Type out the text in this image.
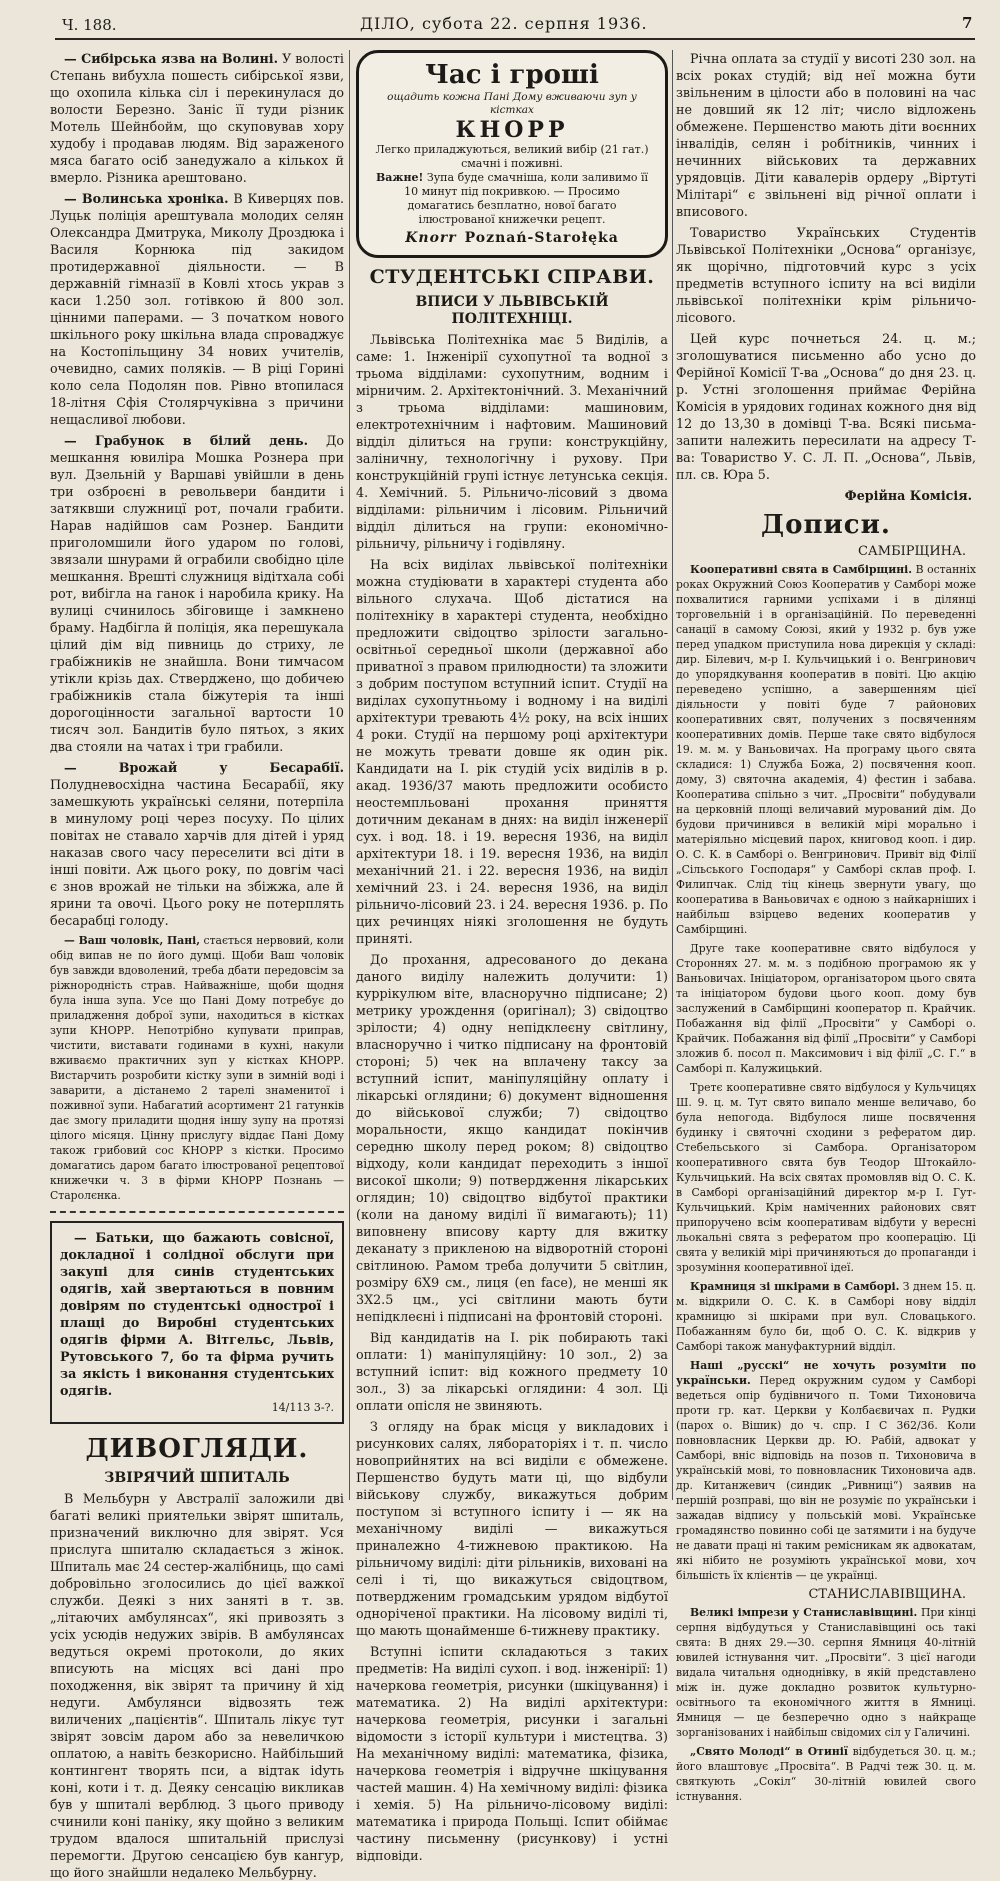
Ч. 188.	ДІЛО, субота 22. серпня 1936.	7

— Сибірська язва на Волині. У волості Степань вибухла пошесть сибірської язви, що охопила кілька сіл і перекинулася до волости Березно. Заніс її туди різник Мотель Шейнбойм, що скуповував хору худобу і продавав людям. Від зараженого мяса багато осіб занедужало а кількох й вмерло. Різника арештовано.

— Волинська хроніка. В Киверцях пов. Луцьк поліція арештувала молодих селян Олександра Дмитрука, Миколу Дроздюка і Василя Корнюка під закидом протидержавної діяльности. — В державній гімназії в Ковлі хтось украв з каси 1.250 зол. готівкою й 800 зол. цінними паперами. — З початком нового шкільного року шкільна влада спроваджує на Костопільщину 34 нових учителів, очевидно, самих поляків. — В ріці Горині коло села Подолян пов. Рівно втопилася 18-літня Сфія Столярчуківна з причини нещасливої любови.

— Грабунок в білий день. До мешкання ювиліра Мошка Рознера при вул. Дзельній у Варшаві увійшли в день три озброєні в револьвери бандити і затяквши служницї рот, почали грабити. Нарав надійшов сам Рознер. Бандити приголомшили його ударом по голові, звязали шнурами й ограбили свобідно ціле мешкання. Врешті служниця відітхала собі рот, вибігла на ганок і наробила крику. На вулиці счинилось збіговище і замкнено браму. Надбігла й поліція, яка перешукала цілий дім від пивниць до стриху, ле грабіжників не знайшла. Вони тимчасом утікли крізь дах. Стверджено, що добичею грабіжників стала біжутерія та інші дорогоцінности загальної вартости 10 тисяч зол. Бандитів було пятьох, з яких два стояли на чатах і три грабили.

— Врожай у Бесарабії. Полудневосхідна частина Бесарабії, яку замешкують українські селяни, потерпіла в минулому році через посуху. По цілих повітах не ставало харчів для дітей і уряд наказав свого часу переселити всі діти в інші повіти. Аж цього року, по довгім часі є знов врожай не тільки на збіжжа, але й ярини та овочі. Цього року не потерплять бесарабці голоду.

— Ваш чоловік, Пані, стається нервовий, коли обід випав не по його думці. Щоби Ваш чоловік був завжди вдоволений, треба дбати передовсім за ріжнородність страв. Найважніше, щоби щодня була інша зупа. Усе що Пані Дому потребує до приладження доброї зупи, находиться в кістках зупи КНОРР. Непотрібно купувати приправ, чистити, виставати годинами в кухні, накули вживаємо практичних зуп у кістках КНОРР. Вистарчить розробити кістку зупи в зимній воді і заварити, а дістанемо 2 тарелі знаменитої і поживної зупи. Набагатий асортимент 21 гатунків дає змогу приладити щодня іншу зупу на протязі цілого місяця. Цінну прислугу віддає Пані Дому також грибовий сос КНОРР з кістки. Просимо домагатись даром багато ілюстрованої рецептової книжечки ч. 3 в фірми КНОРР Познань — Старолєнка.

— Батьки, що бажають совісної, докладної і солідної обслуги при закупі для синів студентських одягів, хай звертаються в повним довірям по студентські однострої і плащі до Виробні студентських одягів фірми А. Вітгельс, Львів, Рутовського 7, бо та фірма ручить за якість і виконання студентських одягів.

14/113 3-?.
ДИВОГЛЯДИ.
ЗВІРЯЧИЙ ШПИТАЛЬ

В Мельбурн у Австралії заложили дві багаті великі приятельки звірят шпиталь, призначений виключно для звірят. Уся прислуга шпиталю складається з жінок. Шпиталь має 24 сестер-жалібниць, що самі добровільно зголосились до цієї важкої служби. Деякі з них заняті в т. зв. „літаючих амбулянсах“, які привозять з усіх усюдів недужих звірів. В амбулянсах ведуться окремі протоколи, до яких вписують на місцях всі дані про походження, вік звірят та причину й хід недуги. Амбулянси відвозять теж виличених „пацієнтів“. Шпиталь лікує тут звірят зовсім даром або за невеличкою оплатою, а навіть безкорисно. Найбільший контингент творять пси, а відтак idуть коні, коти і т. д. Деяку сенсацію викликав був у шпиталі верблюд. З цього приводу счинили коні паніку, яку щойно з великим трудом вдалося шпитальній прислузі перемогти. Другою сенсацією був кангур, що його знайшли недалеко Мельбурну.

Час і гроші
ощадить кожна Пані Дому вживаючи зуп у кістках
КНОРР
Легко приладжуються, великий вибір (21 гат.) смачні і поживні.
Важне! Зупа буде смачніша, коли заливимо її 10 минут під покривкою. — Просимо домагатись безплатно, нової багато ілюстрованої книжечки рецепт.
Knorr Poznań-Starołęka
СТУДЕНТСЬКІ СПРАВИ.
ВПИСИ У ЛЬВІВСЬКІЙ ПОЛІТЕХНІЦІ.

Львівська Політехніка має 5 Виділів, а саме: 1. Інженірії сухопутної та водної з трьома відділами: сухопутним, водним і мірничим. 2. Архітектонічний. 3. Механічний з трьома відділами: машиновим, електротехнічним і нафтовим. Машиновий відділ ділиться на групи: конструкційну, заліничну, технологічну і рухову. При конструкційній групі істнує летунська секція. 4. Хемічний. 5. Рільничо-лісовий з двома відділами: рільничим і лісовим. Рільничий відділ ділиться на групи: економічно-рільничу, рільничу і годівляну.

На всіх виділах львівської політехніки можна студіювати в характері студента або вільного слухача. Щоб дістатися на політехніку в характері студента, необхідно предложити свідоцтво зрілости загально-освітньої середньої школи (державної або приватної з правом прилюдности) та зложити з добрим поступом вступний іспит. Студії на виділах сухопутньому і водному і на виділі архітектури тревають 4½ року, на всіх інших 4 роки. Студії на першому році архітектури не можуть тревати довше як один рік. Кандидати на І. рік студій усіх виділів в р. акад. 1936/37 мають предложити особисто неостемпльовані прохання приняття дотичним деканам в днях: на виділ інженерії сух. і вод. 18. і 19. вересня 1936, на виділ архітектури 18. і 19. вересня 1936, на виділ механічний 21. і 22. вересня 1936, на виділ хемічний 23. і 24. вересня 1936, на виділ рільничо-лісовий 23. і 24. вересня 1936. р. По цих речинцях ніякі зголошення не будуть приняті.

До прохання, адресованого до декана даного виділу належить долучити: 1) куррікулюм віте, власноручно підписане; 2) метрику урождення (оригінал); 3) свідоцтво зрілости; 4) одну непідклеєну світлину, власноручно і читко підписану на фронтовій стороні; 5) чек на вплачену таксу за вступний іспит, маніпуляційну оплату і лікарські оглядини; 6) документ відношення до військової служби; 7) свідоцтво моральности, якщо кандидат покінчив середню школу перед роком; 8) свідоцтво відходу, коли кандидат переходить з іншої високої школи; 9) потвердження лікарських оглядин; 10) свідоцтво відбутої практики (коли на даному виділі її вимагають); 11) виповнену вписову карту для вжитку деканату з прикленою на відворотній стороні світлиною. Рамом треба долучити 5 світлин, розміру 6Х9 см., лиця (en face), не менші як 3Х2.5 цм., усі світлини мають бути непідклеєні і підписані на фронтовій стороні.

Від кандидатів на І. рік побирають такі оплати: 1) маніпуляційну: 10 зол., 2) за вступний іспит: від кожного предмету 10 зол., 3) за лікарські оглядини: 4 зол. Ці оплати опісля не звиняють.

З огляду на брак місця у викладових і рисункових салях, лябораторіях і т. п. число новоприйнятих на всі виділи є обмежене. Першенство будуть мати ці, що відбули військову службу, викажуться добрим поступом зі вступного іспиту і — як на механічному виділі — викажуться приналежно 4-тижневою практикою. На рільничому виділі: діти рільників, виховані на селі і ті, що викажуться свідоцтвом, потвердженим громадським урядом відбутої одноріченої практики. На лісовому виділі ті, що мають щонайменше 6-тижневу практику.

Вступні іспити складаються з таких предметів: На виділі сухоп. і вод. інженірії: 1) начеркова геометрія, рисунки (шкіцування) і математика. 2) На виділі архітектури: начеркова геометрія, рисунки і загальні відомости з історії культури і мистецтва. 3) На механічному виділі: математика, фізика, начеркова геометрія і відручне шкіцування частей машин. 4) На хемічному виділі: фізика і хемія. 5) На рільничо-лісовому виділі: математика і природа Польщі. Іспит обіймає частину письменну (рисункову) і устні відповіди.

Річна оплата за студії у висоті 230 зол. на всіх роках студій; від неї можна бути звільненим в цілости або в половині на час не довший як 12 літ; число відложень обмежене. Першенство мають діти воєнних інвалідів, селян і робітників, чинних і нечинних військових та державних урядовців. Діти кавалерів ордеру „Віртуті Мілітарі“ є звільнені від річної оплати і вписового.

Товариство Українських Студентів Львівської Політехніки „Основа“ організує, як щорічно, підготовчий курс з усіх предметів вступного іспиту на всі виділи львівської політехніки крім рільничо-лісового.

Цей курс почнеться 24. ц. м.; зголошуватися письменно або усно до Ферійної Комісії Т-ва „Основа“ до дня 23. ц. р. Устні зголошення приймає Ферійна Комісія в урядових годинах кожного дня від 12 до 13,30 в домівці Т-ва. Всякі письма-запити належить пересилати на адресу Т-ва: Товариство У. С. Л. П. „Основа“, Львів, пл. св. Юра 5.

Ферійна Комісія.
Дописи.
САМБІРЩИНА.

Кооперативні свята в Самбірщині. В останніх роках Окружний Союз Кооператив у Самборі може похвалитися гарними успіхами і в ділянці торговельній і в організаційній. По переведенні санації в самому Союзі, який у 1932 р. був уже перед упадком приступила нова дирекція у складі: дир. Білевич, м-р І. Кульчицький і о. Венгринович до упорядкування кооператив в повіті. Цю акцію переведено успішно, а завершенням цієї діяльности у повіті буде 7 районових кооперативних свят, получених з посвяченням кооперативних домів. Перше таке свято відбулося 19. м. м. у Ваньовичах. На програму цього свята складися: 1) Служба Божа, 2) посвячення кооп. дому, 3) святочна академія, 4) фестин і забава. Кооператива спільно з чит. „Просвіти“ побудували на церковній площі величавий мурований дім. До будови причинився в великій мірі морально і матеріяльно місцевий парох, книговод кооп. і дир. О. С. К. в Самборі о. Венгринович. Привіт від Філії „Сільського Господаря“ у Самборі склав проф. І. Филипчак. Слід тіц кінець звернути увагу, що кооператива в Ваньовичах є одною з найкарніших і найбільш взірцево ведених кооператив у Самбірщині.

Друге таке кооперативне свято відбулося у Стороннях 27. м. м. з подібною програмою як у Ваньовичах. Ініціатором, організатором цього свята та ініціатором будови цього кооп. дому був заслужений в Самбірщині кооператор п. Крайчик. Побажання від філії „Просвіти“ у Самборі о. Крайчик. Побажання від філії „Просвіти“ у Самборі зложив б. посол п. Максимович і від філії „С. Г.“ в Самборі п. Калужицький.

Третє кооперативне свято відбулося у Кульчицях Ш. 9. ц. м. Тут свято випало менше величаво, бо була непогода. Відбулося лише посвячення будинку і святочні сходини з рефератом дир. Стебельського зі Самбора. Організатором кооперативного свята був Теодор Штокайло-Кульчицький. На всіх святах промовляв від О. С. К. в Самборі організаційний директор м-р І. Гут-Кульчицький. Крім наміченних районових свят припорученo всім кооперативам відбути у вересні льокальні свята з рефератом про кооперацію. Ці свята у великій мірі причиняються до пропаганди і зрозуміння кооперативної ідеї.

Крамниця зі шкірами в Самборі. З днем 15. ц. м. відкрили О. С. К. в Самборі нову відділ крамницю зі шкірами при вул. Словацького. Побажанням було би, щоб О. С. К. відкрив у Самборі також мануфактурний відділ.

Наші „русскі“ не хочуть розуміти по українськи. Перед окружним судом у Самборі ведеться опір будівничого п. Томи Тихоновича проти гр. кат. Церкви у Колбаєвичах п. Рудки (парох о. Вішик) до ч. спр. І С 362/36. Коли повновласник Церкви др. Ю. Рабій, адвокат у Самборі, вніс відповідь на позов п. Тихоновича в українській мові, то повновласник Тихоновича адв. др. Китанжевич (синдик „Ривниці“) заявив на першій розправі, що він не розуміє по українськи і зажадав відпису у польській мові. Українське громадянство повинно собі це затямити і на будуче не давати праці ні таким ремісникам як адвокатам, які нібито не розуміють української мови, хоч більшість їх клієнтів — це українці.

СТАНИСЛАВІВЩИНА.

Великі імпрези у Станиславівщині. При кінці серпня відбудуться у Станиславівщині ось такі свята: В днях 29.—30. серпня Ямниця 40-літній ювилей істнування чит. „Просвіти“. З цієї нагоди видала читальня одноднівку, в якій представлено між ін. дуже докладно розвиток культурно-освітнього та економічного життя в Ямниці. Ямниця — це безперечно одно з найкраще зорганізованих і найбільш свідомих сіл у Галичині.

„Свято Молоді“ в Отинії відбудеться 30. ц. м.; його влаштовує „Просвіта“. В Радчі теж 30. ц. м. святкують „Сокіл“ 30-літній ювилей свого істнування.
